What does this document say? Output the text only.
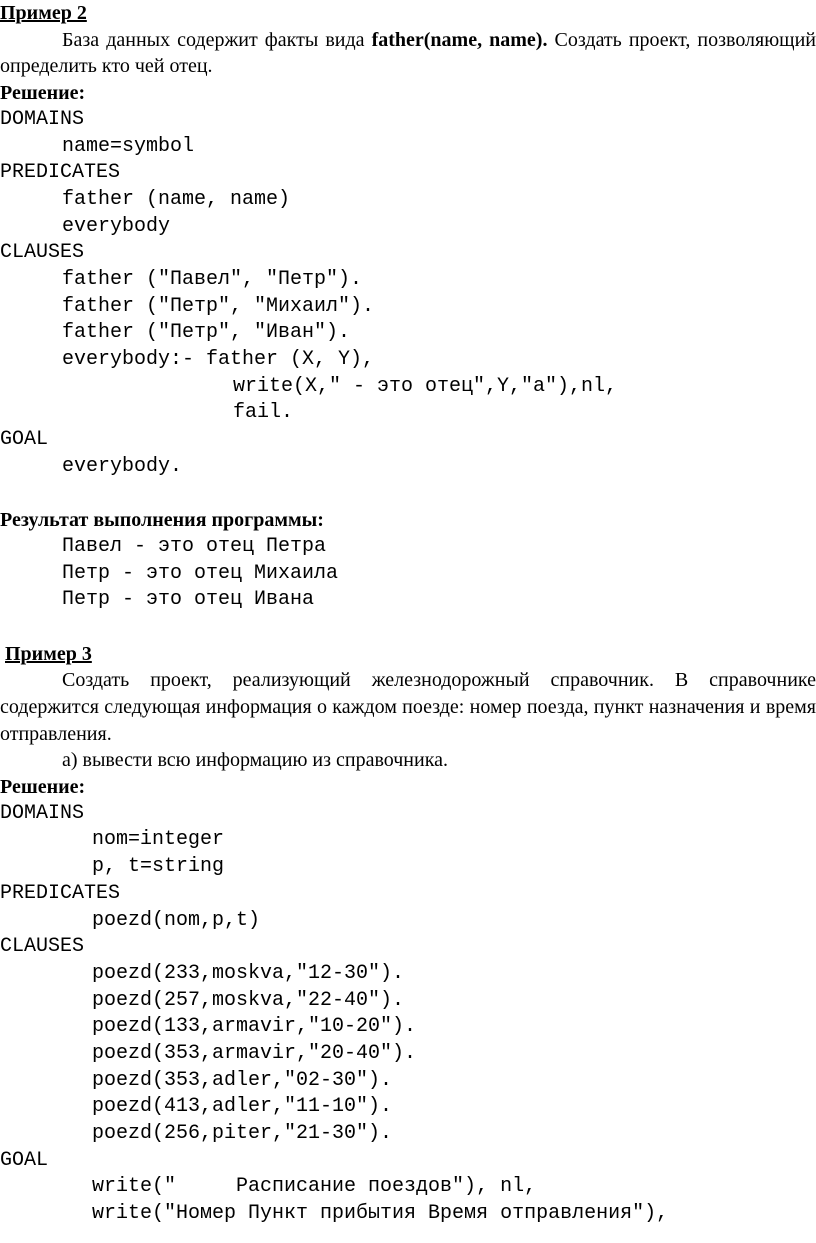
Пример 2

База данных содержит факты вида father(name, name). Создать проект, позволяющий определить кто чей отец.

Решение:
DOMAINS
name=symbol
PREDICATES
father (name, name)
everybody
CLAUSES
father ("Павел", "Петр").
father ("Петр", "Михаил").
father ("Петр", "Иван").
everybody:- father (X, Y),
write(X," - это отец",Y,"a"),nl,
fail.
GOAL
everybody.
Результат выполнения программы:
Павел - это отец Петра
Петр - это отец Михаила
Петр - это отец Ивана
Пример 3

Создать проект, реализующий железнодорожный справочник. В справочнике содержится следующая информация о каждом поезде: номер поезда, пункт назначения и время отправления.

а) вывести всю информацию из справочника.
Решение:
DOMAINS
nom=integer
p, t=string
PREDICATES
poezd(nom,p,t)
CLAUSES
poezd(233,moskva,"12-30").
poezd(257,moskva,"22-40").
poezd(133,armavir,"10-20").
poezd(353,armavir,"20-40").
poezd(353,adler,"02-30").
poezd(413,adler,"11-10").
poezd(256,piter,"21-30").
GOAL
write("     Расписание поездов"), nl,
write("Номер Пункт прибытия Время отправления"),
